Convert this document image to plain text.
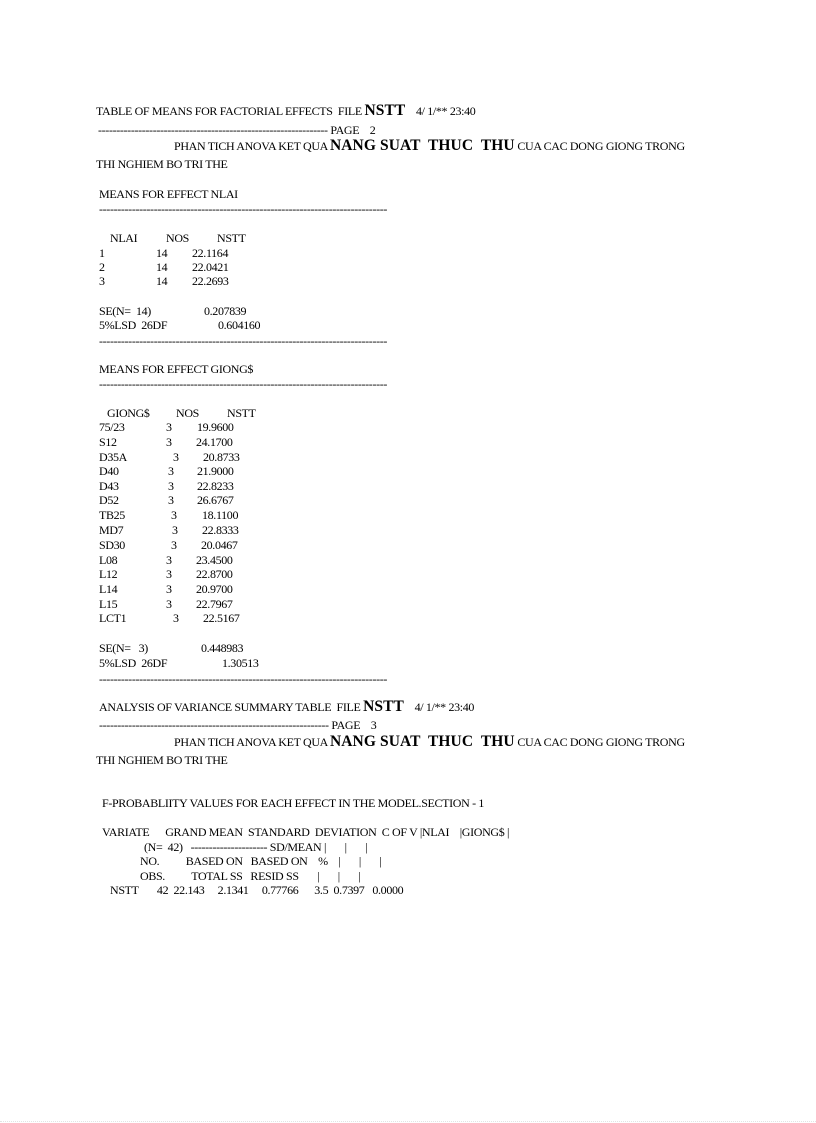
TABLE OF MEANS FOR FACTORIAL EFFECTS  FILE NSTT    4/ 1/** 23:40
--------------------------------------------------------------- PAGE    2
PHAN TICH ANOVA KET QUA NANG SUAT  THUC  THU CUA CAC DONG GIONG TRONG
THI NGHIEM BO TRI THE
MEANS FOR EFFECT NLAI
-------------------------------------------------------------------------------
NLAI NOS NSTT
1	14 22.1164
2	14 22.0421
3	14 22.2693
SE(N=  14)	0.207839
5%LSD  26DF	0.604160
-------------------------------------------------------------------------------
MEANS FOR EFFECT GIONG$
-------------------------------------------------------------------------------
GIONG$ NOS NSTT
75/23	3 19.9600
S12	3 24.1700
D35A	3 20.8733
D40	3 21.9000
D43	3 22.8233
D52	3 26.6767
TB25	3 18.1100
MD7	3 22.8333
SD30	3 20.0467
L08	3 23.4500
L12	3 22.8700
L14	3 20.9700
L15	3 22.7967
LCT1	3 22.5167
SE(N=   3)	0.448983
5%LSD  26DF	1.30513
-------------------------------------------------------------------------------
ANALYSIS OF VARIANCE SUMMARY TABLE  FILE NSTT    4/ 1/** 23:40
--------------------------------------------------------------- PAGE    3
PHAN TICH ANOVA KET QUA NANG SUAT  THUC  THU CUA CAC DONG GIONG TRONG
THI NGHIEM BO TRI THE
F-PROBABLIITY VALUES FOR EACH EFFECT IN THE MODEL.SECTION - 1
VARIATE      GRAND MEAN  STANDARD  DEVIATION  C OF V |NLAI    |GIONG$ |
(N=  42)   --------------------- SD/MEAN |       |       |
NO.          BASED ON   BASED ON    %    |       |       |
OBS.          TOTAL SS   RESID SS       |       |       |
NSTT       42  22.143     2.1341     0.77766      3.5  0.7397   0.0000
